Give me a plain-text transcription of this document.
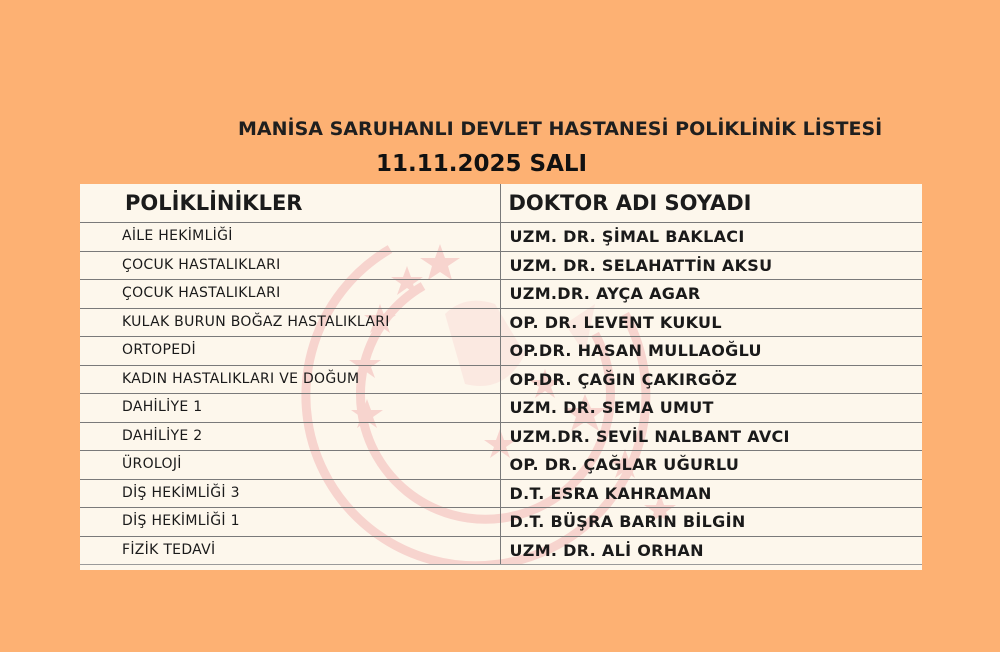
MANİSA SARUHANLI DEVLET HASTANESİ POLİKLİNİK LİSTESİ
11.11.2025 SALI
POLİKLİNİKLER	DOKTOR ADI SOYADI
AİLE HEKİMLİĞİ	UZM. DR. ŞİMAL BAKLACI
ÇOCUK HASTALIKLARI	UZM. DR. SELAHATTİN AKSU
ÇOCUK HASTALIKLARI	UZM.DR. AYÇA AGAR
KULAK BURUN BOĞAZ HASTALIKLARI	OP. DR. LEVENT KUKUL
ORTOPEDİ	OP.DR. HASAN MULLAOĞLU
KADIN HASTALIKLARI VE DOĞUM	OP.DR. ÇAĞIN ÇAKIRGÖZ
DAHİLİYE 1	UZM. DR. SEMA UMUT
DAHİLİYE 2	UZM.DR. SEVİL NALBANT AVCI
ÜROLOJİ	OP. DR. ÇAĞLAR UĞURLU
DİŞ HEKİMLİĞİ 3	D.T. ESRA KAHRAMAN
DİŞ HEKİMLİĞİ 1	D.T. BÜŞRA BARIN BİLGİN
FİZİK TEDAVİ	UZM. DR. ALİ ORHAN
